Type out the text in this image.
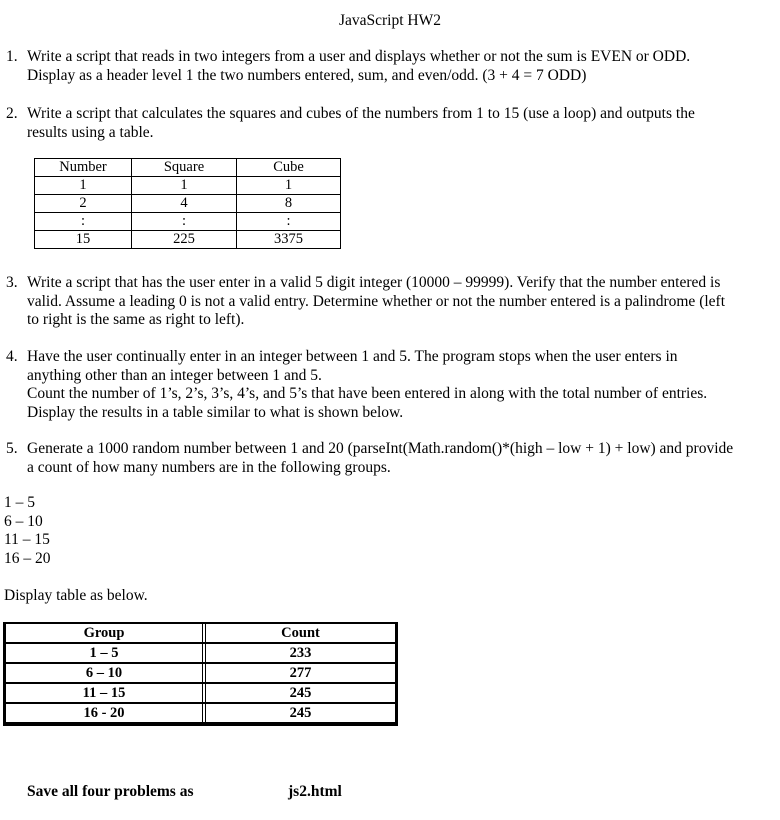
JavaScript HW2
1. Write a script that reads in two integers from a user and displays whether or not the sum is EVEN or ODD.
Display as a header level 1 the two numbers entered, sum, and even/odd. (3 + 4 = 7 ODD)
2. Write a script that calculates the squares and cubes of the numbers from 1 to 15 (use a loop) and outputs the
results using a table.
Number	Square	Cube
1	1	1
2	4	8
:	:	:
15	225	3375
3. Write a script that has the user enter in a valid 5 digit integer (10000 – 99999). Verify that the number entered is
valid. Assume a leading 0 is not a valid entry. Determine whether or not the number entered is a palindrome (left
to right is the same as right to left).
4. Have the user continually enter in an integer between 1 and 5. The program stops when the user enters in
anything other than an integer between 1 and 5.
Count the number of 1’s, 2’s, 3’s, 4’s, and 5’s that have been entered in along with the total number of entries.
Display the results in a table similar to what is shown below.
5. Generate a 1000 random number between 1 and 20 (parseInt(Math.random()*(high – low + 1) + low) and provide
a count of how many numbers are in the following groups.
1 – 5
6 – 10
11 – 15
16 – 20
Display table as below.
Group		Count
1 – 5		233
6 – 10		277
11 – 15		245
16 - 20		245
Save all four problems as	js2.html
